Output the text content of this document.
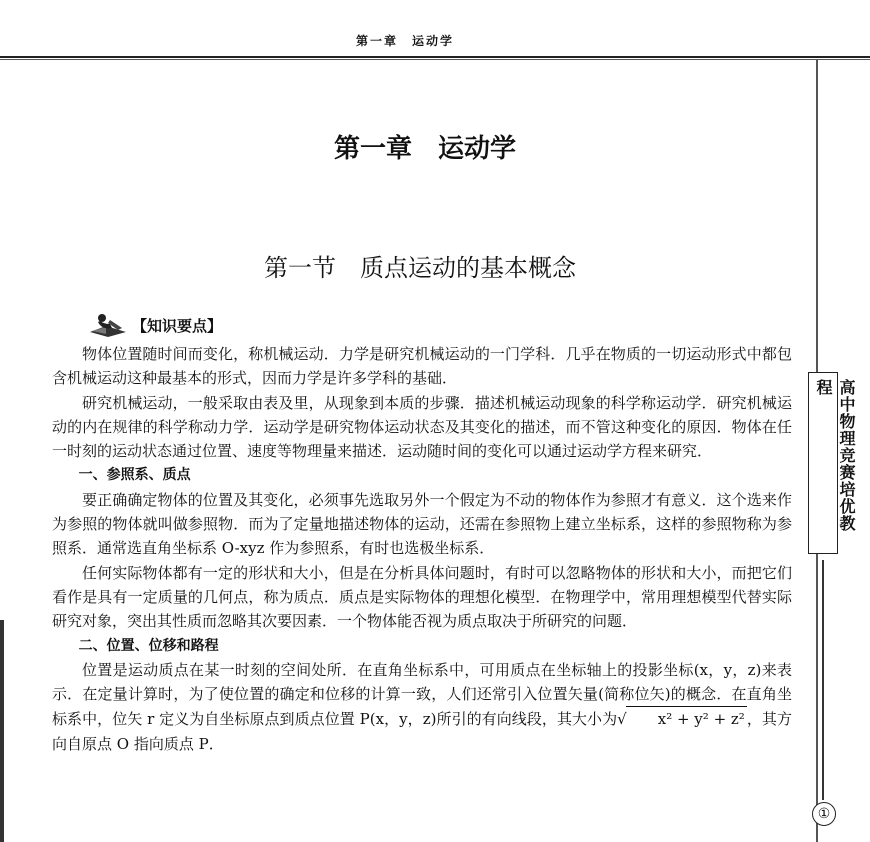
第一章　运动学
第一章　运动学
第一节　质点运动的基本概念
【知识要点】

物体位置随时间而变化，称机械运动．力学是研究机械运动的一门学科．几乎在物质的一切运动形式中都包含机械运动这种最基本的形式，因而力学是许多学科的基础．

研究机械运动，一般采取由表及里，从现象到本质的步骤．描述机械运动现象的科学称运动学．研究机械运动的内在规律的科学称动力学．运动学是研究物体运动状态及其变化的描述，而不管这种变化的原因．物体在任一时刻的运动状态通过位置、速度等物理量来描述．运动随时间的变化可以通过运动学方程来研究．

一、参照系、质点

要正确确定物体的位置及其变化，必须事先选取另外一个假定为不动的物体作为参照才有意义．这个选来作为参照的物体就叫做参照物．而为了定量地描述物体的运动，还需在参照物上建立坐标系，这样的参照物称为参照系．通常选直角坐标系 O-xyz 作为参照系，有时也选极坐标系．

任何实际物体都有一定的形状和大小，但是在分析具体问题时，有时可以忽略物体的形状和大小，而把它们看作是具有一定质量的几何点，称为质点．质点是实际物体的理想化模型．在物理学中，常用理想模型代替实际研究对象，突出其性质而忽略其次要因素．一个物体能否视为质点取决于所研究的问题．

二、位置、位移和路程

位置是运动质点在某一时刻的空间处所．在直角坐标系中，可用质点在坐标轴上的投影坐标(x，y，z)来表示．在定量计算时，为了使位置的确定和位移的计算一致，人们还常引入位置矢量(简称位矢)的概念．在直角坐标系中，位矢 r 定义为自坐标原点到质点位置 P(x，y，z)所引的有向线段，其大小为√ x² + y² + z² ，其方向自原点 O 指向质点 P．

高中物理竞赛培优教程
①
